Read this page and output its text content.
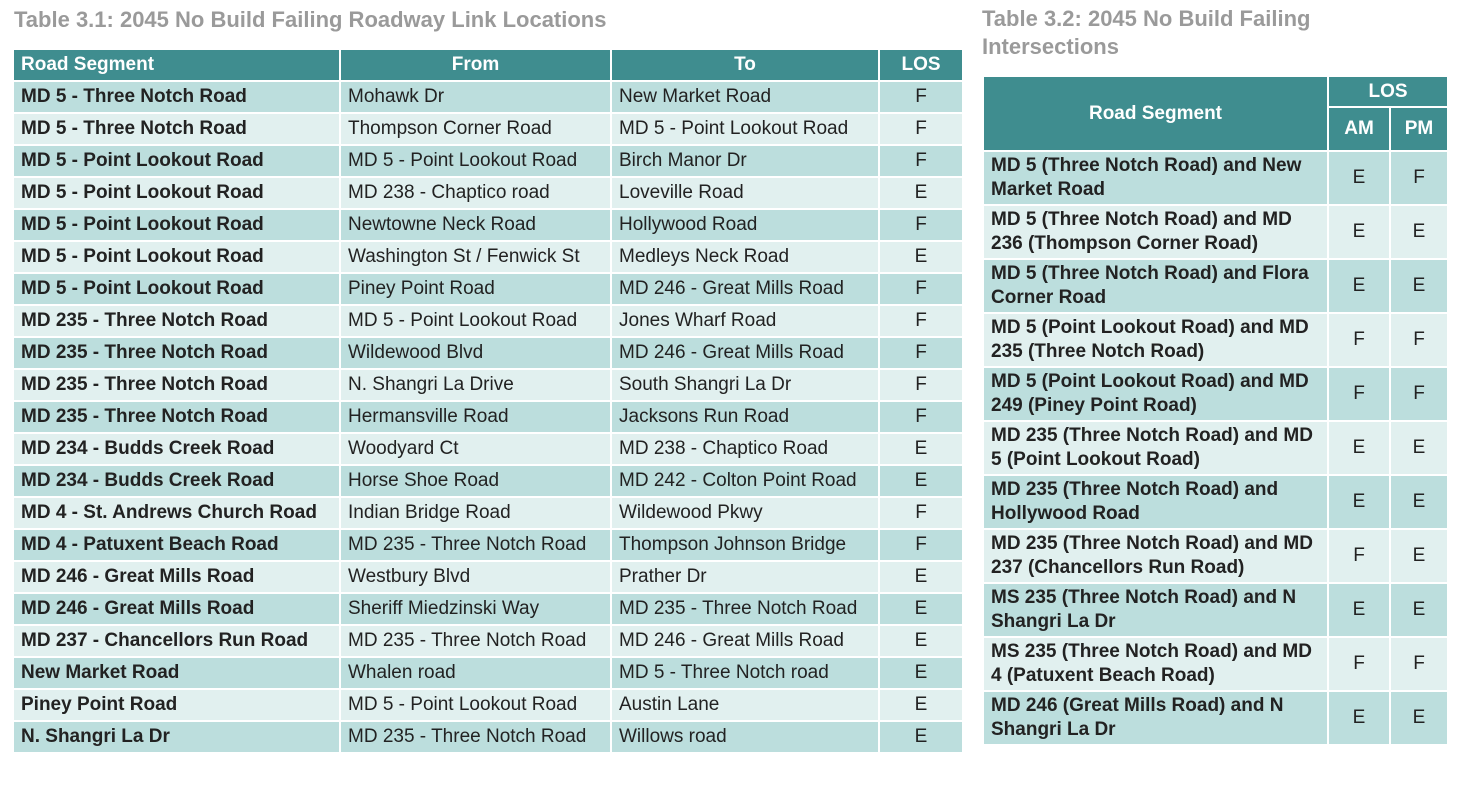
Table 3.1: 2045 No Build Failing Roadway Link Locations
Road Segment	From	To	LOS
MD 5 - Three Notch Road	Mohawk Dr	New Market Road	F
MD 5 - Three Notch Road	Thompson Corner Road	MD 5 - Point Lookout Road	F
MD 5 - Point Lookout Road	MD 5 - Point Lookout Road	Birch Manor Dr	F
MD 5 - Point Lookout Road	MD 238 - Chaptico road	Loveville Road	E
MD 5 - Point Lookout Road	Newtowne Neck Road	Hollywood Road	F
MD 5 - Point Lookout Road	Washington St / Fenwick St	Medleys Neck Road	E
MD 5 - Point Lookout Road	Piney Point Road	MD 246 - Great Mills Road	F
MD 235 - Three Notch Road	MD 5 - Point Lookout Road	Jones Wharf Road	F
MD 235 - Three Notch Road	Wildewood Blvd	MD 246 - Great Mills Road	F
MD 235 - Three Notch Road	N. Shangri La Drive	South Shangri La Dr	F
MD 235 - Three Notch Road	Hermansville Road	Jacksons Run Road	F
MD 234 - Budds Creek Road	Woodyard Ct	MD 238 - Chaptico Road	E
MD 234 - Budds Creek Road	Horse Shoe Road	MD 242 - Colton Point Road	E
MD 4 - St. Andrews Church Road	Indian Bridge Road	Wildewood Pkwy	F
MD 4 - Patuxent Beach Road	MD 235 - Three Notch Road	Thompson Johnson Bridge	F
MD 246 - Great Mills Road	Westbury Blvd	Prather Dr	E
MD 246 - Great Mills Road	Sheriff Miedzinski Way	MD 235 - Three Notch Road	E
MD 237 - Chancellors Run Road	MD 235 - Three Notch Road	MD 246 - Great Mills Road	E
New Market Road	Whalen road	MD 5 - Three Notch road	E
Piney Point Road	MD 5 - Point Lookout Road	Austin Lane	E
N. Shangri La Dr	MD 235 - Three Notch Road	Willows road	E
Table 3.2: 2045 No Build Failing Intersections
Road Segment	LOS	
	AM	PM
MD 5 (Three Notch Road) and New Market Road	E	F
MD 5 (Three Notch Road) and MD 236 (Thompson Corner Road)	E	E
MD 5 (Three Notch Road) and Flora Corner Road	E	E
MD 5 (Point Lookout Road) and MD 235 (Three Notch Road)	F	F
MD 5 (Point Lookout Road) and MD 249 (Piney Point Road)	F	F
MD 235 (Three Notch Road) and MD 5 (Point Lookout Road)	E	E
MD 235 (Three Notch Road) and Hollywood Road	E	E
MD 235 (Three Notch Road) and MD 237 (Chancellors Run Road)	F	E
MS 235 (Three Notch Road) and N Shangri La Dr	E	E
MS 235 (Three Notch Road) and MD 4 (Patuxent Beach Road)	F	F
MD 246 (Great Mills Road) and N Shangri La Dr	E	E
